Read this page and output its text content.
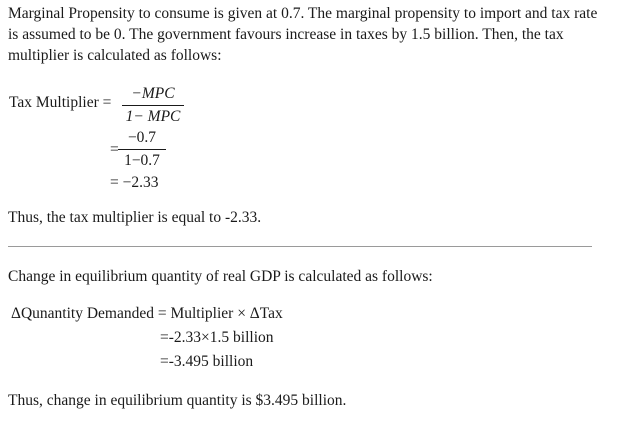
Marginal Propensity to consume is given at 0.7. The marginal propensity to import and tax rate is assumed to be 0. The government favours increase in taxes by 1.5 billion. Then, the tax multiplier is calculated as follows:
Tax Multiplier =
−MPC
1− MPC
=
−0.7
1−0.7
= −2.33
Thus, the tax multiplier is equal to -2.33.
Change in equilibrium quantity of real GDP is calculated as follows:
ΔQunantity Demanded = Multiplier × ΔTax
=-2.33×1.5 billion
=-3.495 billion
Thus, change in equilibrium quantity is $3.495 billion.
